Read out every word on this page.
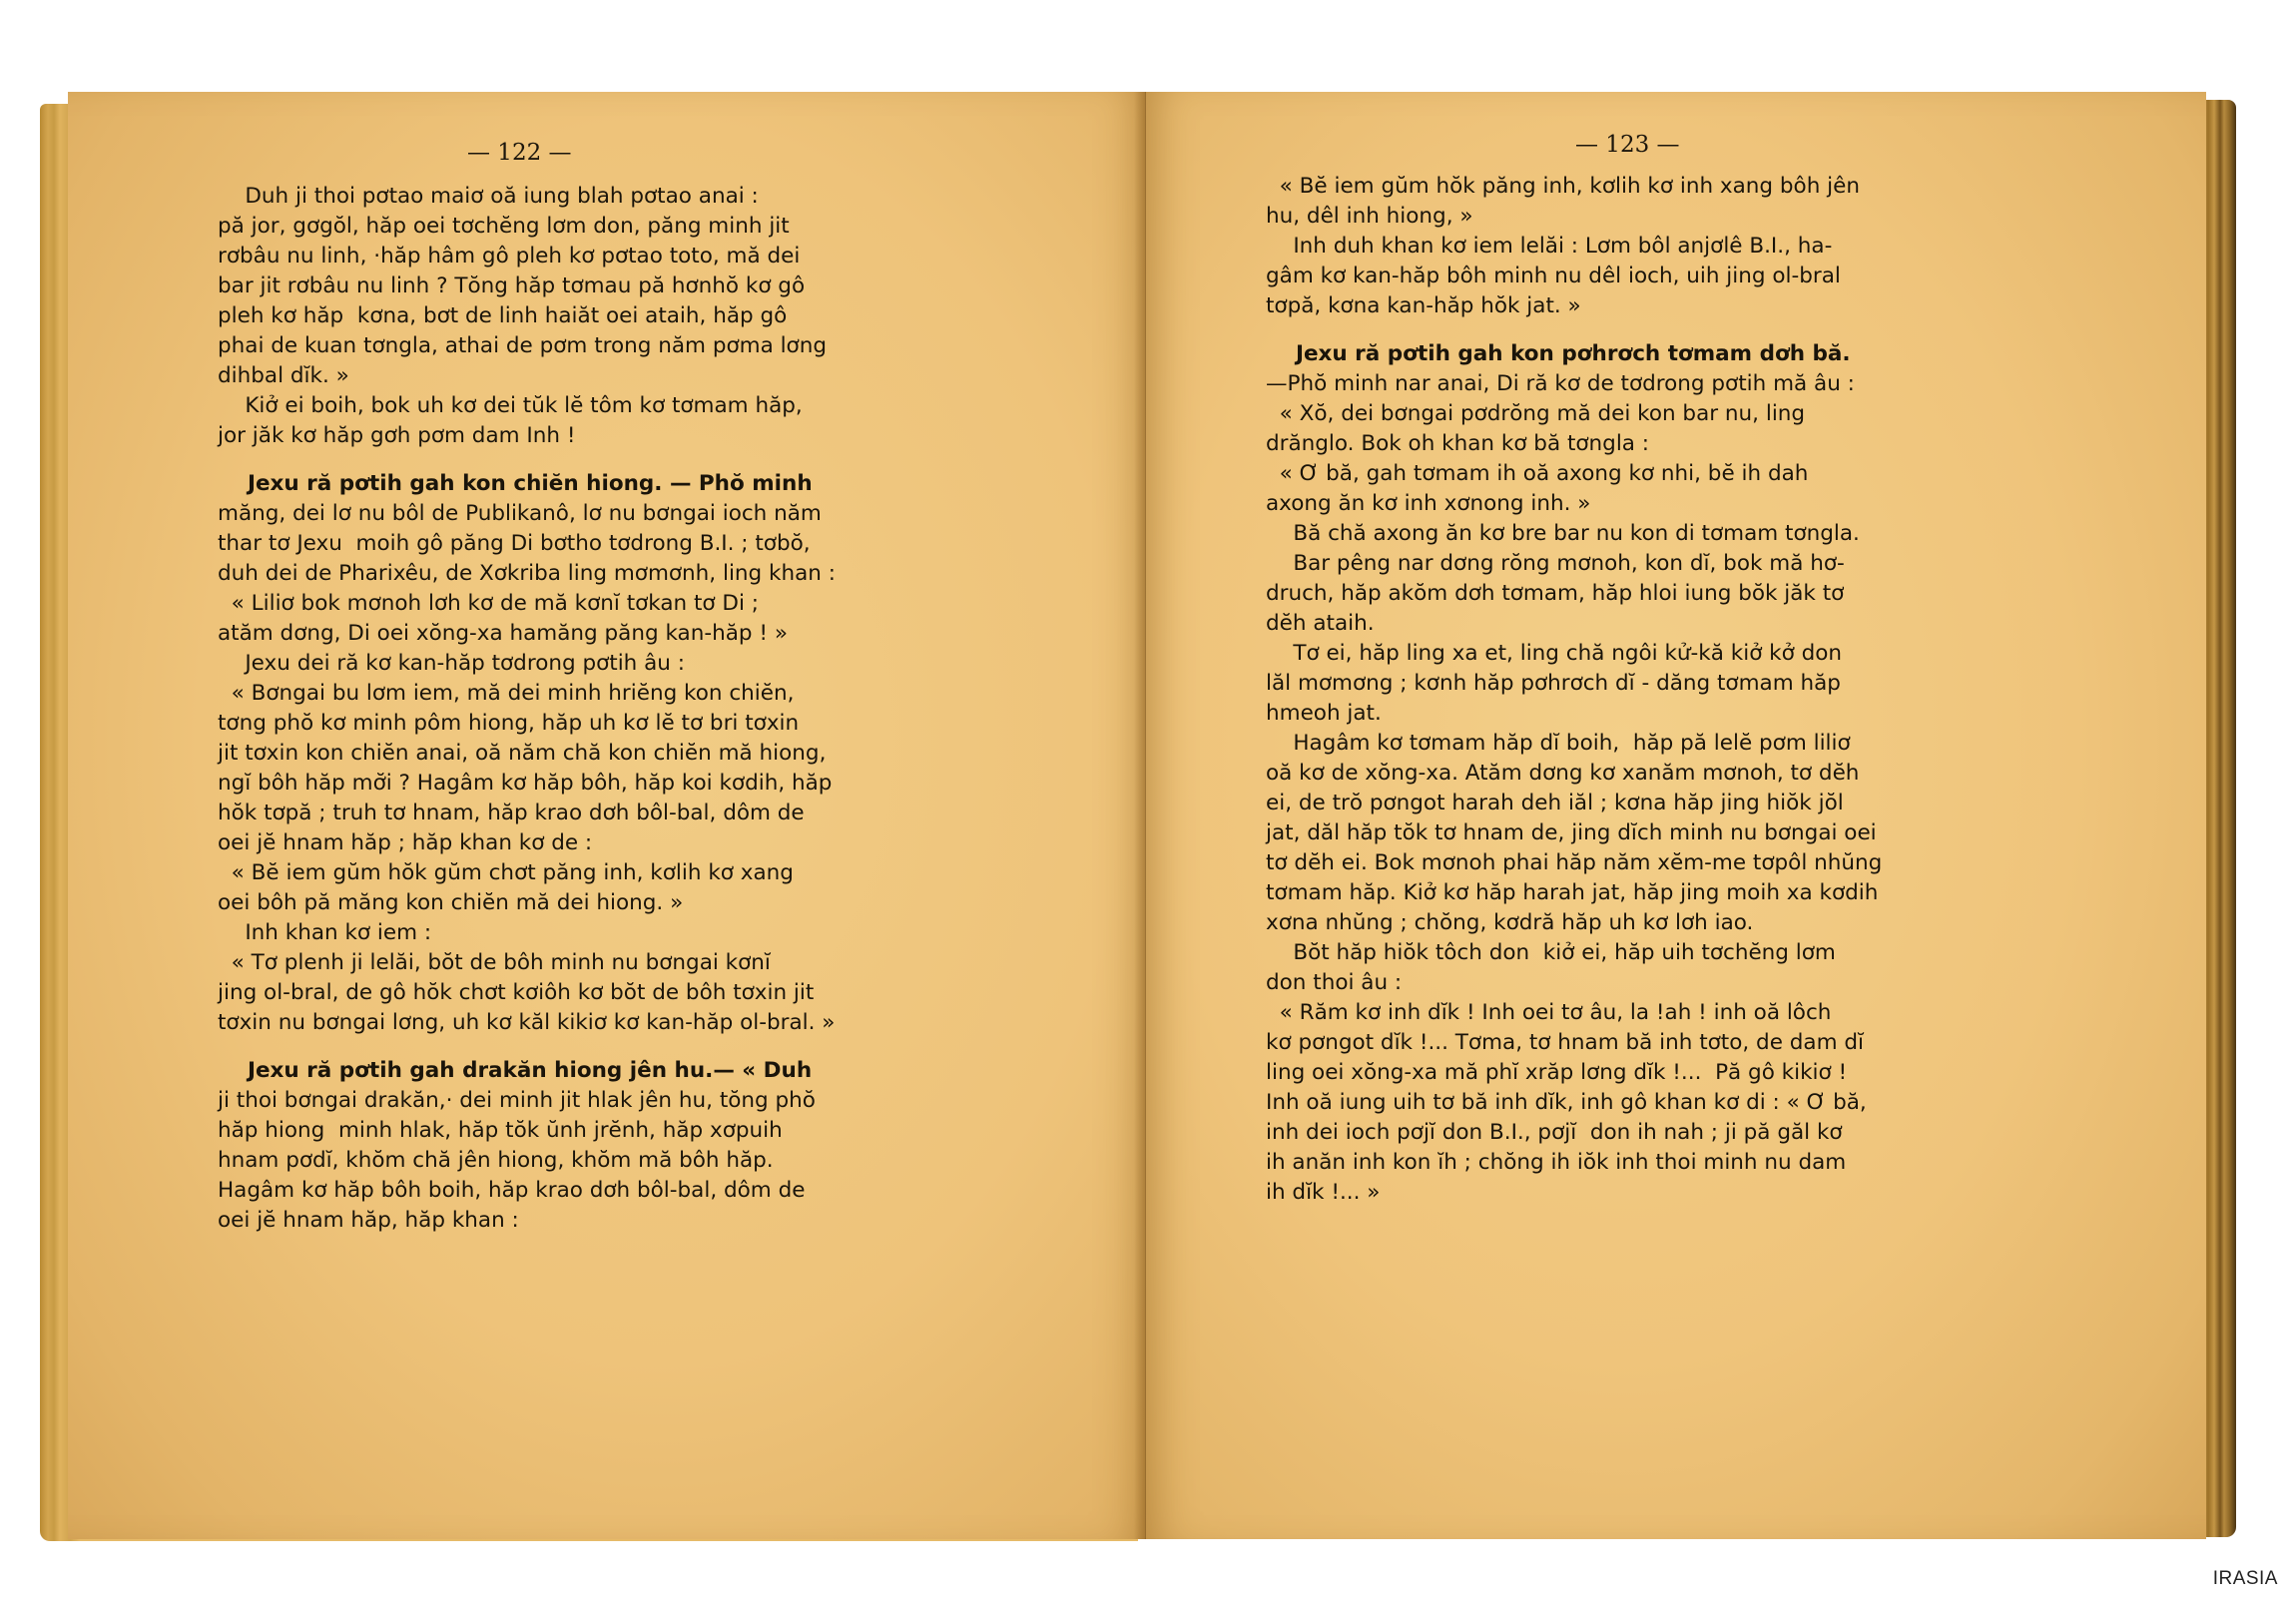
— 122 —
Duh ji thoi pơtao maiơ oă iung blah pơtao anai :
pă jor, gơgŏl, hăp oei tơchĕng lơm don, păng minh jit
rơbâu nu linh, ·hăp hâm gô pleh kơ pơtao toto, mă dei
bar jit rơbâu nu linh ? Tŏng hăp tơmau pă hơnhŏ kơ gô
pleh kơ hăp  kơna, bơt de linh haiăt oei ataih, hăp gô
phai de kuan tơngla, athai de pơm trong năm pơma lơng
dihbal dĭk. »
Kiở ei boih, bok uh kơ dei tŭk lĕ tôm kơ tơmam hăp,
jor jăk kơ hăp gơh pơm dam Inh !
Jexu ră pơtih gah kon chiĕn hiong. — Phŏ minh
măng, dei lơ nu bôl de Publikanô, lơ nu bơngai ioch năm
thar tơ Jexu  moih gô păng Di bơtho tơdrong B.I. ; tơbŏ,
duh dei de Pharixêu, de Xơkriba ling mơmơnh, ling khan :
« Liliơ bok mơnoh lơh kơ de mă kơnĭ tơkan tơ Di ;
atăm dơng, Di oei xŏng-xa hamăng păng kan-hăp ! »
Jexu dei ră kơ kan-hăp tơdrong pơtih âu :
« Bơngai bu lơm iem, mă dei minh hriĕng kon chiĕn,
tơng phŏ kơ minh pôm hiong, hăp uh kơ lĕ tơ bri tơxin
jit tơxin kon chiĕn anai, oă năm chă kon chiĕn mă hiong,
ngĭ bôh hăp mơ̆i ? Hagâm kơ hăp bôh, hăp koi kơdih, hăp
hŏk tơpă ; truh tơ hnam, hăp krao dơh bôl-bal, dôm de
oei jĕ hnam hăp ; hăp khan kơ de :
« Bĕ iem gŭm hŏk gŭm chơt păng inh, kơlih kơ xang
oei bôh pă măng kon chiĕn mă dei hiong. »
Inh khan kơ iem :
« Tơ plenh ji lelăi, bŏt de bôh minh nu bơngai kơnĭ
jing ol-bral, de gô hŏk chơt kơiôh kơ bŏt de bôh tơxin jit
tơxin nu bơngai lơng, uh kơ kăl kikiơ kơ kan-hăp ol-bral. »
Jexu ră pơtih gah drakăn hiong jên hu.— « Duh
ji thoi bơngai drakăn,· dei minh jit hlak jên hu, tŏng phŏ
hăp hiong  minh hlak, hăp tŏk ŭnh jrĕnh, hăp xơpuih
hnam pơdĭ, khŏm chă jên hiong, khŏm mă bôh hăp.
Hagâm kơ hăp bôh boih, hăp krao dơh bôl-bal, dôm de
oei jĕ hnam hăp, hăp khan :
— 123 —
« Bĕ iem gŭm hŏk păng inh, kơlih kơ inh xang bôh jên
hu, dêl inh hiong, »
Inh duh khan kơ iem lelăi : Lơm bôl anjơlê B.I., ha-
gâm kơ kan-hăp bôh minh nu dêl ioch, uih jing ol-bral
tơpă, kơna kan-hăp hŏk jat. »
Jexu ră pơtih gah kon pơhrơch tơmam dơh bă.
—Phŏ minh nar anai, Di ră kơ de tơdrong pơtih mă âu :
« Xŏ, dei bơngai pơdrŏng mă dei kon bar nu, ling
drănglo. Bok oh khan kơ bă tơngla :
« Ơ bă, gah tơmam ih oă axong kơ nhi, bĕ ih dah
axong ăn kơ inh xơnong inh. »
Bă chă axong ăn kơ bre bar nu kon di tơmam tơngla.
Bar pêng nar dơng rŏng mơnoh, kon dĭ, bok mă hơ-
druch, hăp akŏm dơh tơmam, hăp hloi iung bŏk jăk tơ
dĕh ataih.
Tơ ei, hăp ling xa et, ling chă ngôi kử-kă kiở kở don
lăl mơmơng ; kơnh hăp pơhrơch dĭ - dăng tơmam hăp
hmeoh jat.
Hagâm kơ tơmam hăp dĭ boih,  hăp pă lelĕ pơm liliơ
oă kơ de xŏng-xa. Atăm dơng kơ xanăm mơnoh, tơ dĕh
ei, de trŏ pơngot harah deh iăl ; kơna hăp jing hiŏk jŏl
jat, dăl hăp tŏk tơ hnam de, jing dĭch minh nu bơngai oei
tơ dĕh ei. Bok mơnoh phai hăp năm xĕm-me tơpôl nhŭng
tơmam hăp. Kiở kơ hăp harah jat, hăp jing moih xa kơdih
xơna nhŭng ; chŏng, kơdră hăp uh kơ lơh iao.
Bŏt hăp hiŏk tôch don  kiở ei, hăp uih tơchĕng lơm
don thoi âu :
« Răm kơ inh dĭk ! Inh oei tơ âu, la !ah ! inh oă lôch
kơ pơngot dĭk !... Tơma, tơ hnam bă inh tơto, de dam dĭ
ling oei xŏng-xa mă phĭ xrăp lơng dĭk !...  Pă gô kikiơ !
Inh oă iung uih tơ bă inh dĭk, inh gô khan kơ di : « Ơ bă,
inh dei ioch pơjĭ don B.I., pơjĭ  don ih nah ; ji pă găl kơ
ih anăn inh kon ĭh ; chŏng ih iŏk inh thoi minh nu dam
ih dĭk !... »
IRASIA
